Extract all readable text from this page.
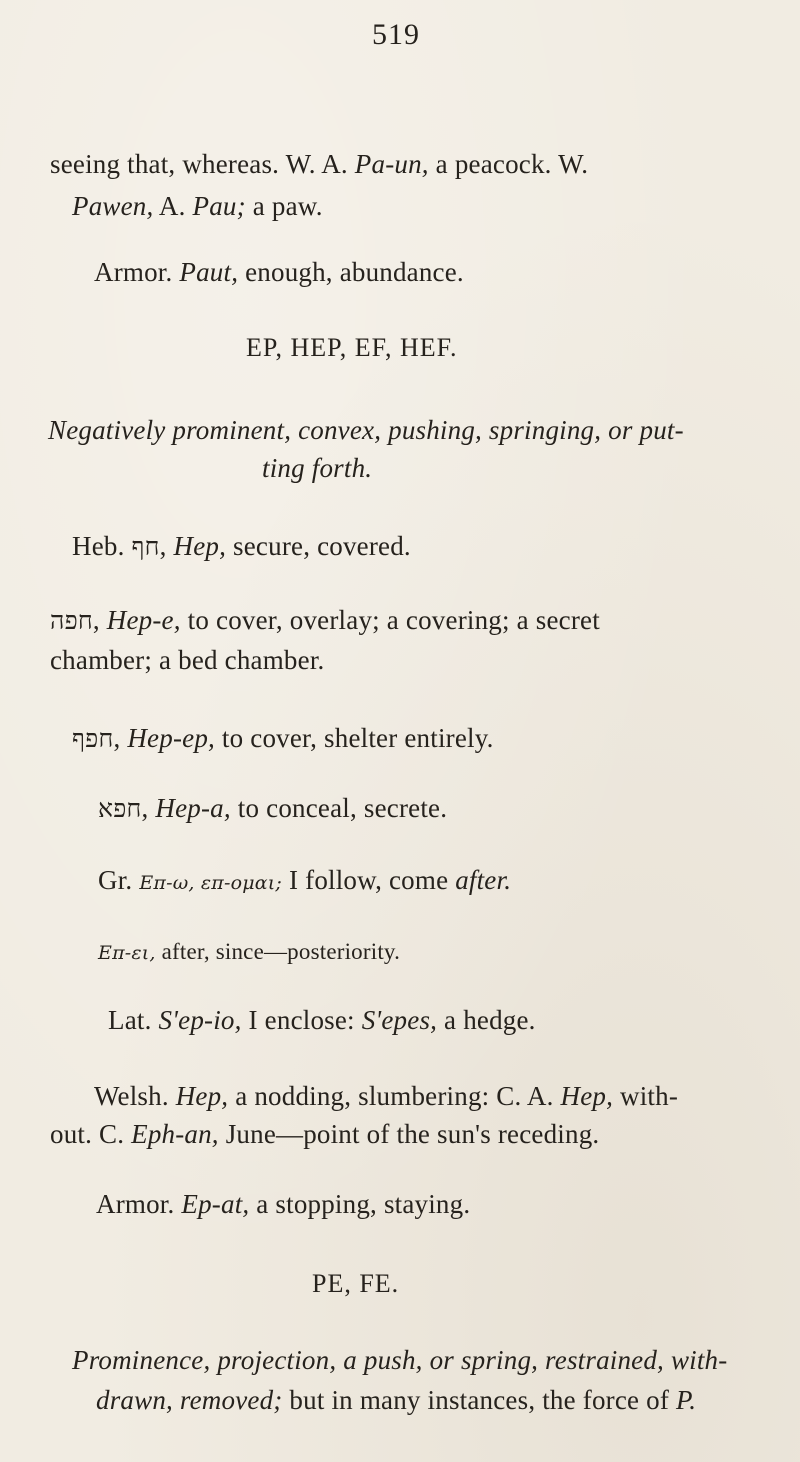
519
seeing that, whereas. W. A. Pa-un, a peacock. W.
Pawen, A. Pau; a paw.
Armor. Paut, enough, abundance.
EP, HEP, EF, HEF.
Negatively prominent, convex, pushing, springing, or put-
ting forth.
Heb. חף, Hep, secure, covered.
חפה, Hep-e, to cover, overlay; a covering; a secret
chamber; a bed chamber.
חפף, Hep-ep, to cover, shelter entirely.
חפא, Hep-a, to conceal, secrete.
Gr. Επ-ω, επ-ομαι; I follow, come after.
Επ-ει, after, since—posteriority.
Lat. S'ep-io, I enclose: S'epes, a hedge.
Welsh. Hep, a nodding, slumbering: C. A. Hep, with-
out. C. Eph-an, June—point of the sun's receding.
Armor. Ep-at, a stopping, staying.
PE, FE.
Prominence, projection, a push, or spring, restrained, with-
drawn, removed; but in many instances, the force of P.
